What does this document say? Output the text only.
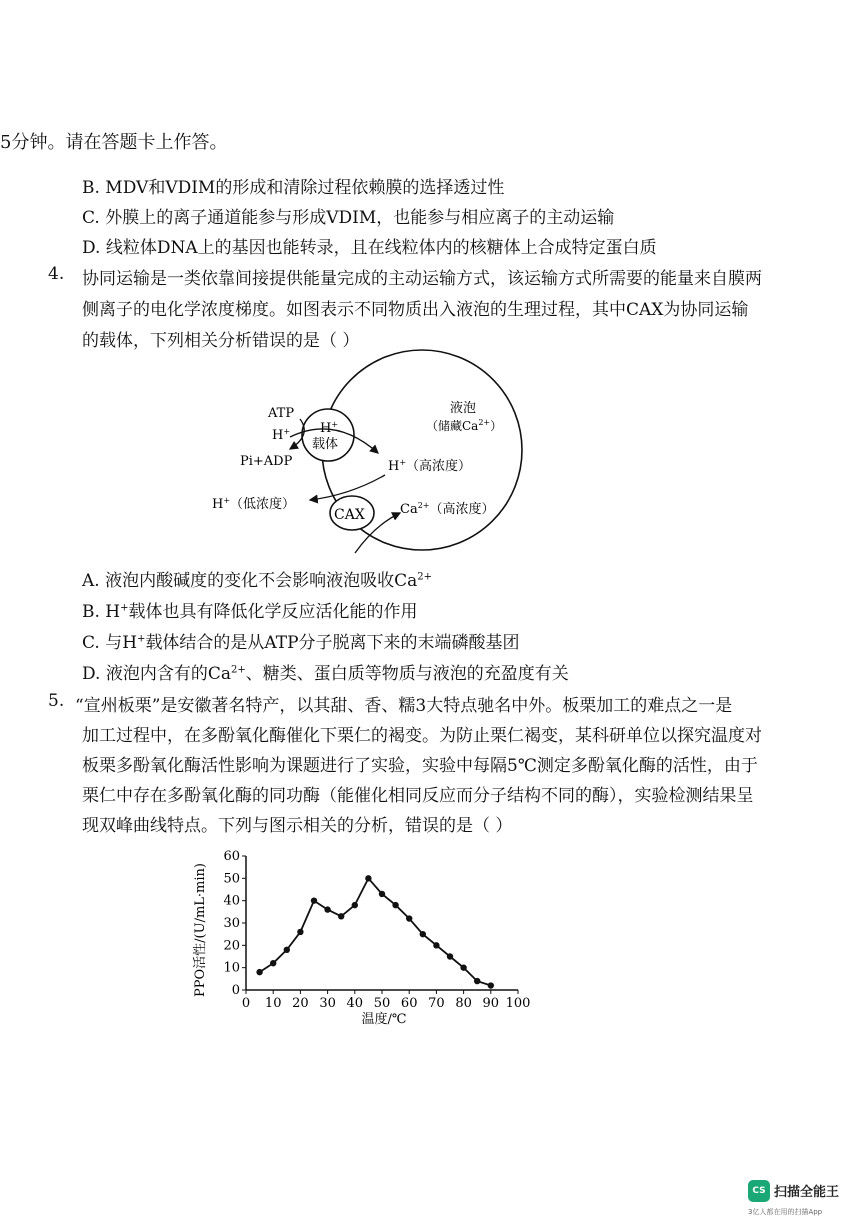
5分钟。请在答题卡上作答。
B. MDV和VDIM的形成和清除过程依赖膜的选择透过性
C. 外膜上的离子通道能参与形成VDIM，也能参与相应离子的主动运输
D. 线粒体DNA上的基因也能转录，且在线粒体内的核糖体上合成特定蛋白质
4. 协同运输是一类依靠间接提供能量完成的主动运输方式，该运输方式所需要的能量来自膜两
侧离子的电化学浓度梯度。如图表示不同物质出入液泡的生理过程，其中CAX为协同运输
的载体，下列相关分析错误的是（ ）
液泡
（储藏$Ca^{2+}$）
H+
载体
ATP
H+
Pi+ADP	H+（高浓度）
CAX
H+（低浓度）	$Ca^{2+}$（高浓度）
A. 液泡内酸碱度的变化不会影响液泡吸收$Ca^{2+}$
B. H+载体也具有降低化学反应活化能的作用
C. 与H+载体结合的是从ATP分子脱离下来的末端磷酸基团
D. 液泡内含有的$Ca^{2+}$、糖类、蛋白质等物质与液泡的充盈度有关
5. “宣州板栗”是安徽著名特产，以其甜、香、糯3大特点驰名中外。板栗加工的难点之一是
加工过程中，在多酚氧化酶催化下栗仁的褐变。为防止栗仁褐变，某科研单位以探究温度对
板栗多酚氧化酶活性影响为课题进行了实验，实验中每隔5℃测定多酚氧化酶的活性，由于
栗仁中存在多酚氧化酶的同功酶（能催化相同反应而分子结构不同的酶），实验检测结果呈
现双峰曲线特点。下列与图示相关的分析，错误的是（ ）
0 10 20 30 40 50 60 70 80 90 100
0
10
20
30
40
50
60
PPO活性/(U/mL·min)
温度/℃
CS 扫描全能王
3亿人都在用的扫描App
